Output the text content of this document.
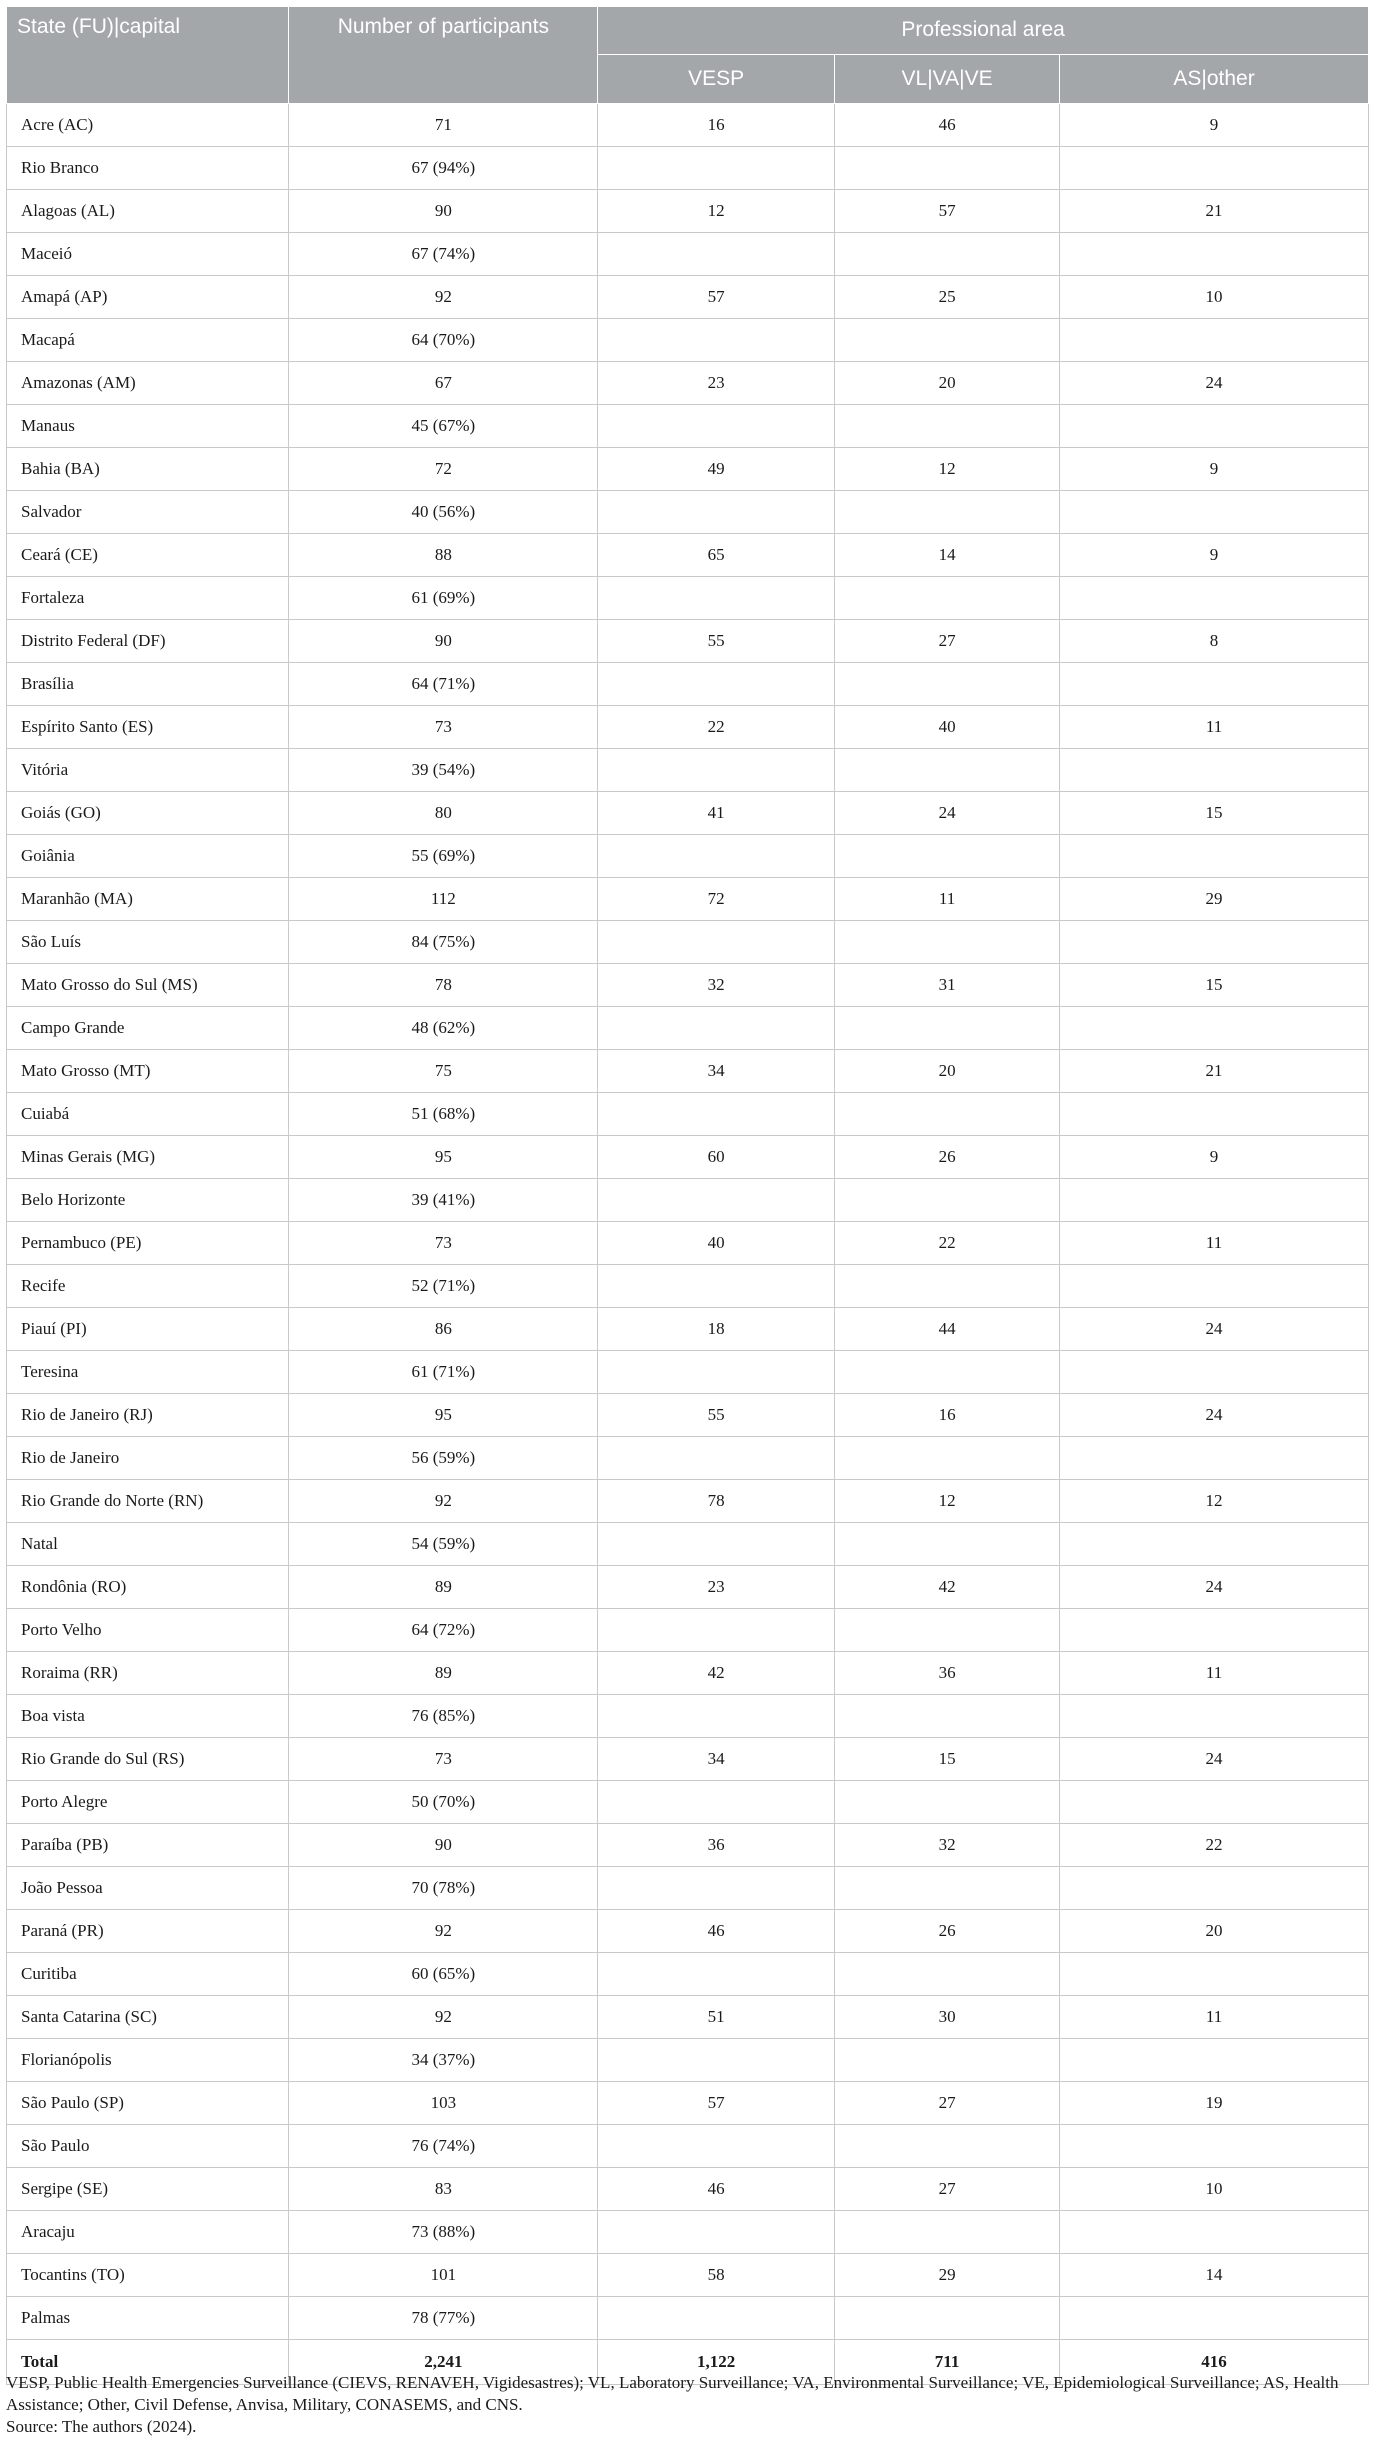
State (FU)|capital	Number of participants	Professional area		
		VESP	VL|VA|VE	AS|other
Acre (AC)	71	16	46	9
Rio Branco	67 (94%)			
Alagoas (AL)	90	12	57	21
Maceió	67 (74%)			
Amapá (AP)	92	57	25	10
Macapá	64 (70%)			
Amazonas (AM)	67	23	20	24
Manaus	45 (67%)			
Bahia (BA)	72	49	12	9
Salvador	40 (56%)			
Ceará (CE)	88	65	14	9
Fortaleza	61 (69%)			
Distrito Federal (DF)	90	55	27	8
Brasília	64 (71%)			
Espírito Santo (ES)	73	22	40	11
Vitória	39 (54%)			
Goiás (GO)	80	41	24	15
Goiânia	55 (69%)			
Maranhão (MA)	112	72	11	29
São Luís	84 (75%)			
Mato Grosso do Sul (MS)	78	32	31	15
Campo Grande	48 (62%)			
Mato Grosso (MT)	75	34	20	21
Cuiabá	51 (68%)			
Minas Gerais (MG)	95	60	26	9
Belo Horizonte	39 (41%)			
Pernambuco (PE)	73	40	22	11
Recife	52 (71%)			
Piauí (PI)	86	18	44	24
Teresina	61 (71%)			
Rio de Janeiro (RJ)	95	55	16	24
Rio de Janeiro	56 (59%)			
Rio Grande do Norte (RN)	92	78	12	12
Natal	54 (59%)			
Rondônia (RO)	89	23	42	24
Porto Velho	64 (72%)			
Roraima (RR)	89	42	36	11
Boa vista	76 (85%)			
Rio Grande do Sul (RS)	73	34	15	24
Porto Alegre	50 (70%)			
Paraíba (PB)	90	36	32	22
João Pessoa	70 (78%)			
Paraná (PR)	92	46	26	20
Curitiba	60 (65%)			
Santa Catarina (SC)	92	51	30	11
Florianópolis	34 (37%)			
São Paulo (SP)	103	57	27	19
São Paulo	76 (74%)			
Sergipe (SE)	83	46	27	10
Aracaju	73 (88%)			
Tocantins (TO)	101	58	29	14
Palmas	78 (77%)			
Total	2,241	1,122	711	416

VESP, Public Health Emergencies Surveillance (CIEVS, RENAVEH, Vigidesastres); VL, Laboratory Surveillance; VA, Environmental Surveillance; VE, Epidemiological Surveillance; AS, Health Assistance; Other, Civil Defense, Anvisa, Military, CONASEMS, and CNS.

Source: The authors (2024).
